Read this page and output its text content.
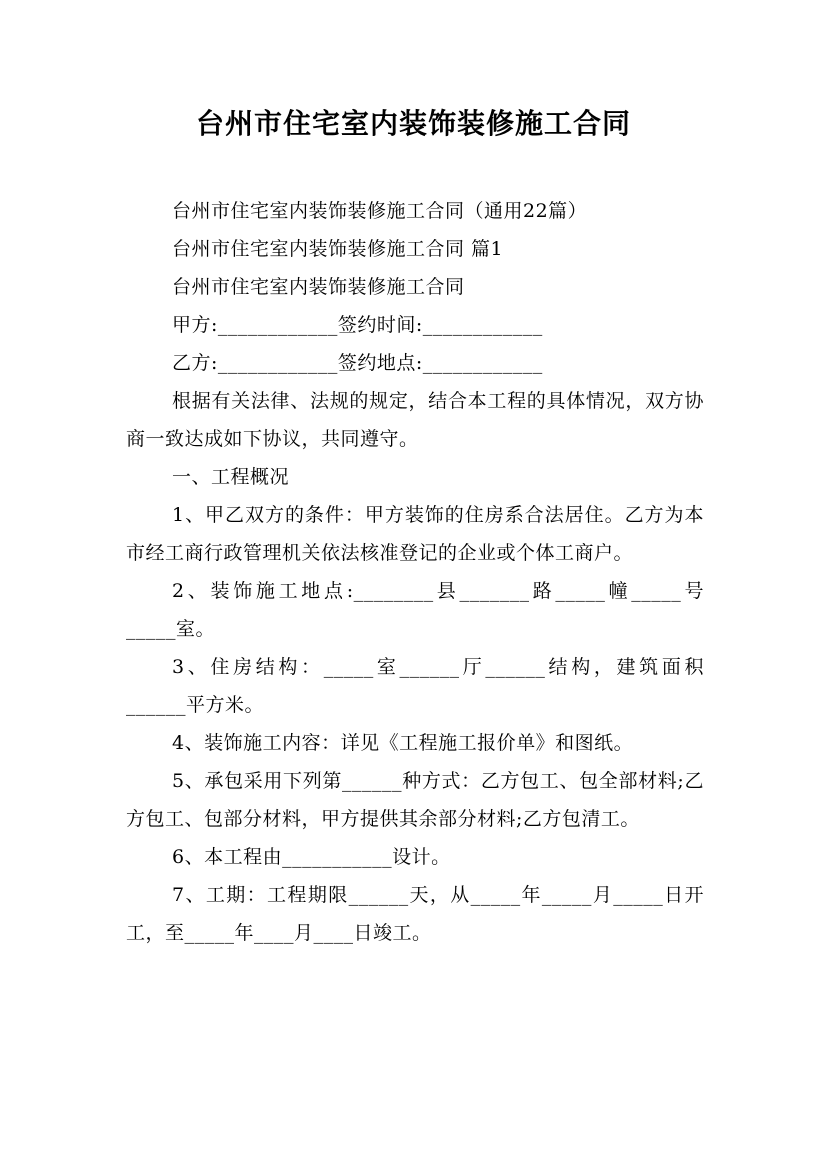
台州市住宅室内装饰装修施工合同

台州市住宅室内装饰装修施工合同（通用22篇）

台州市住宅室内装饰装修施工合同 篇1

台州市住宅室内装饰装修施工合同

甲方:____________签约时间:____________

乙方:____________签约地点:____________

根据有关法律、法规的规定，结合本工程的具体情况，双方协商一致达成如下协议，共同遵守。

一、工程概况

1、甲乙双方的条件：甲方装饰的住房系合法居住。乙方为本市经工商行政管理机关依法核准登记的企业或个体工商户。

2、装饰施工地点:________县_______路_____幢_____号_____室。

3、住房结构：_____室______厅______结构，建筑面积______平方米。

4、装饰施工内容：详见《工程施工报价单》和图纸。

5、承包采用下列第______种方式：乙方包工、包全部材料;乙方包工、包部分材料，甲方提供其余部分材料;乙方包清工。

6、本工程由___________设计。

7、工期：工程期限______天，从_____年_____月_____日开工，至_____年____月____日竣工。
